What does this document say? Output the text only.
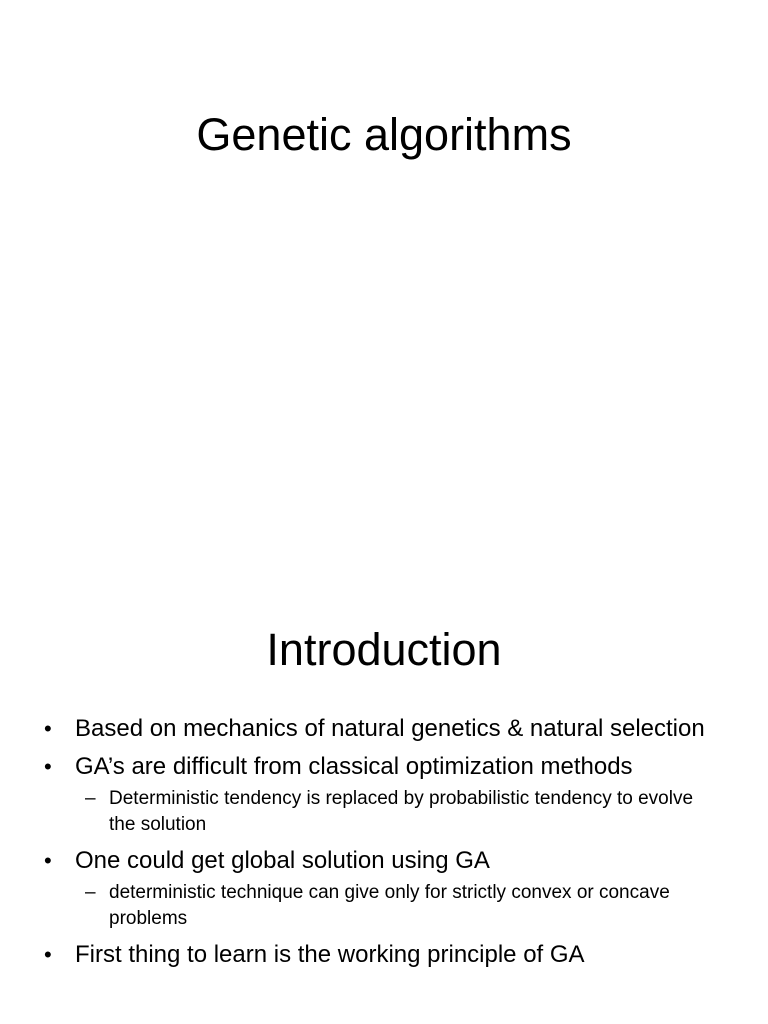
Genetic algorithms
Introduction
• Based on mechanics of natural genetics & natural selection
• GA’s are difficult from classical optimization methods
– Deterministic tendency is replaced by probabilistic tendency to evolve the solution
• One could get global solution using GA
– deterministic technique can give only for strictly convex or concave problems
• First thing to learn is the working principle of GA
